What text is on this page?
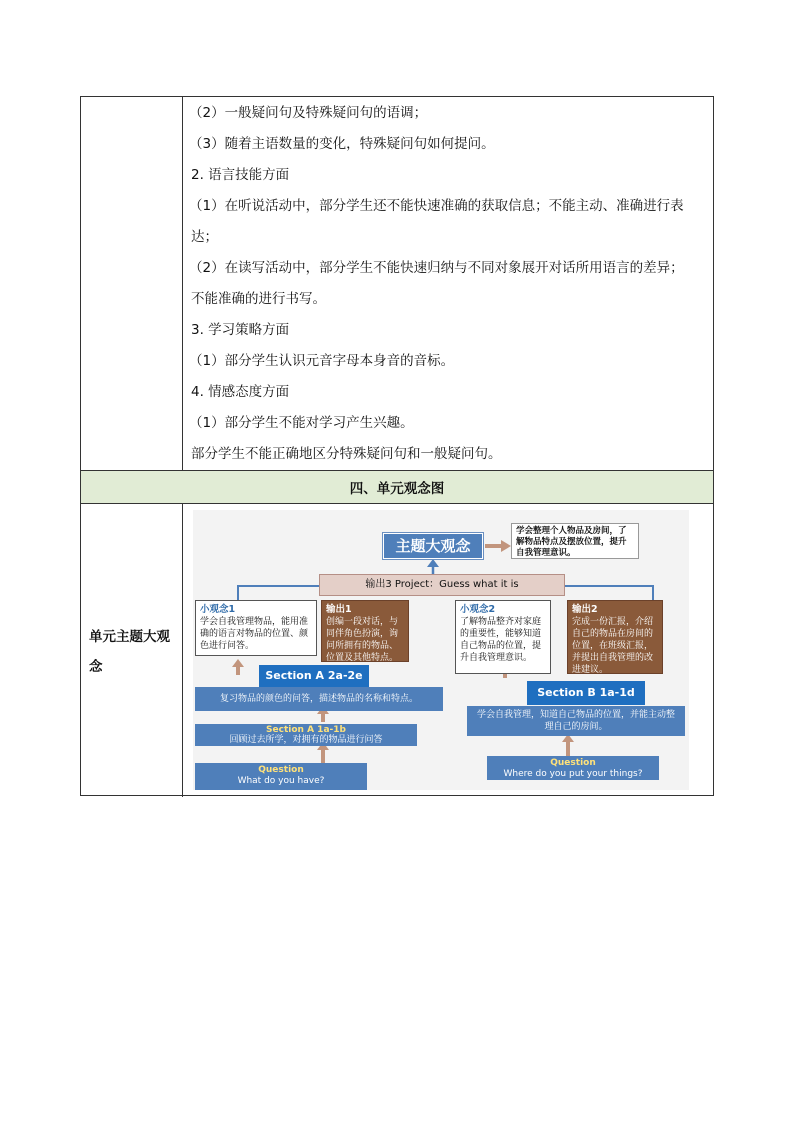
（2）一般疑问句及特殊疑问句的语调；
（3）随着主语数量的变化，特殊疑问句如何提问。
2. 语言技能方面
（1）在听说活动中，部分学生还不能快速准确的获取信息；不能主动、准确进行表
达；
（2）在读写活动中，部分学生不能快速归纳与不同对象展开对话所用语言的差异；
不能准确的进行书写。
3. 学习策略方面
（1）部分学生认识元音字母本身音的音标。
4. 情感态度方面
（1）部分学生不能对学习产生兴趣。
部分学生不能正确地区分特殊疑问句和一般疑问句。
四、单元观念图
单元主题大观念
主题大观念
学会整理个人物品及房间，了解物品特点及摆放位置，提升自我管理意识。
输出3 Project：Guess what it is
小观念1
学会自我管理物品，能用准确的语言对物品的位置、颜色进行问答。
输出1
创编一段对话，与同伴角色扮演，询问所拥有的物品、位置及其他特点。
小观念2
了解物品整齐对家庭的重要性，能够知道自己物品的位置，提升自我管理意识。
输出2
完成一份汇报，介绍自己的物品在房间的位置，在班级汇报，并提出自我管理的改进建议。
Section A 2a-2e
复习物品的颜色的问答，描述物品的名称和特点。
Section A 1a-1b
回顾过去所学，对拥有的物品进行问答
Question
What do you have?
Section B 1a-1d
学会自我管理，知道自己物品的位置，并能主动整理自己的房间。
Question
Where do you put your things?
